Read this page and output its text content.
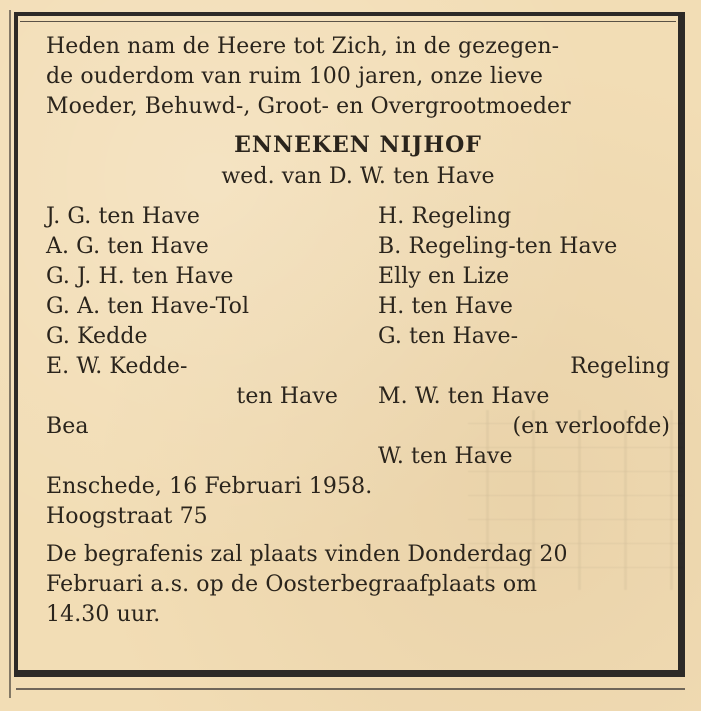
Heden nam de Heere tot Zich, in de gezegen-
de ouderdom van ruim 100 jaren, onze lieve
Moeder, Behuwd-, Groot- en Overgrootmoeder
ENNEKEN NIJHOF
wed. van D. W. ten Have
J. G. ten Have
A. G. ten Have
G. J. H. ten Have
G. A. ten Have-Tol
G. Kedde
E. W. Kedde-
ten Have
Bea
H. Regeling
B. Regeling-ten Have
Elly en Lize
H. ten Have
G. ten Have-
Regeling
M. W. ten Have
(en verloofde)
W. ten Have
Enschede, 16 Februari 1958.
Hoogstraat 75
De begrafenis zal plaats vinden Donderdag 20
Februari a.s. op de Oosterbegraafplaats om
14.30 uur.
